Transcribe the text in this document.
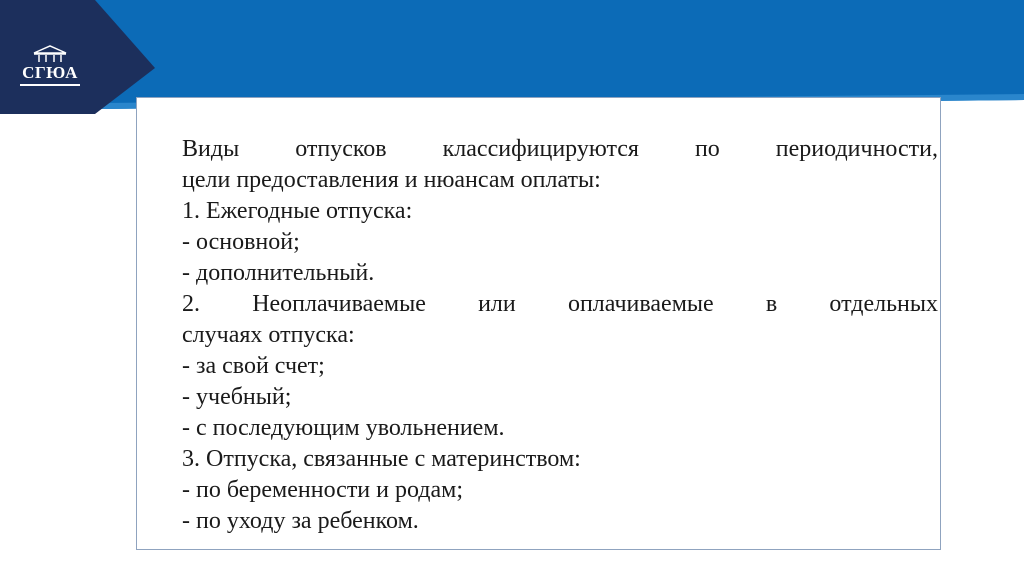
СГЮА

Виды отпусков классифицируются по периодичности,

цели предоставления и нюансам оплаты:

1. Ежегодные отпуска:

- основной;

- дополнительный.

2. Неоплачиваемые или оплачиваемые в отдельных

случаях отпуска:

- за свой счет;

- учебный;

- с последующим увольнением.

3. Отпуска, связанные с материнством:

- по беременности и родам;

- по уходу за ребенком.
